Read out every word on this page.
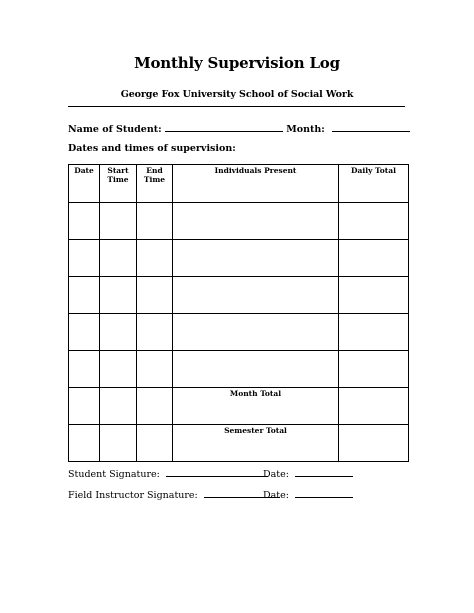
Monthly Supervision Log
George Fox University School of Social Work
Name of Student:	Month:
Dates and times of supervision:
Date	Start Time	End Time	Individuals Present	Daily Total

			Month Total	
			Semester Total	
Student Signature:	Date:
Field Instructor Signature:	Date:
